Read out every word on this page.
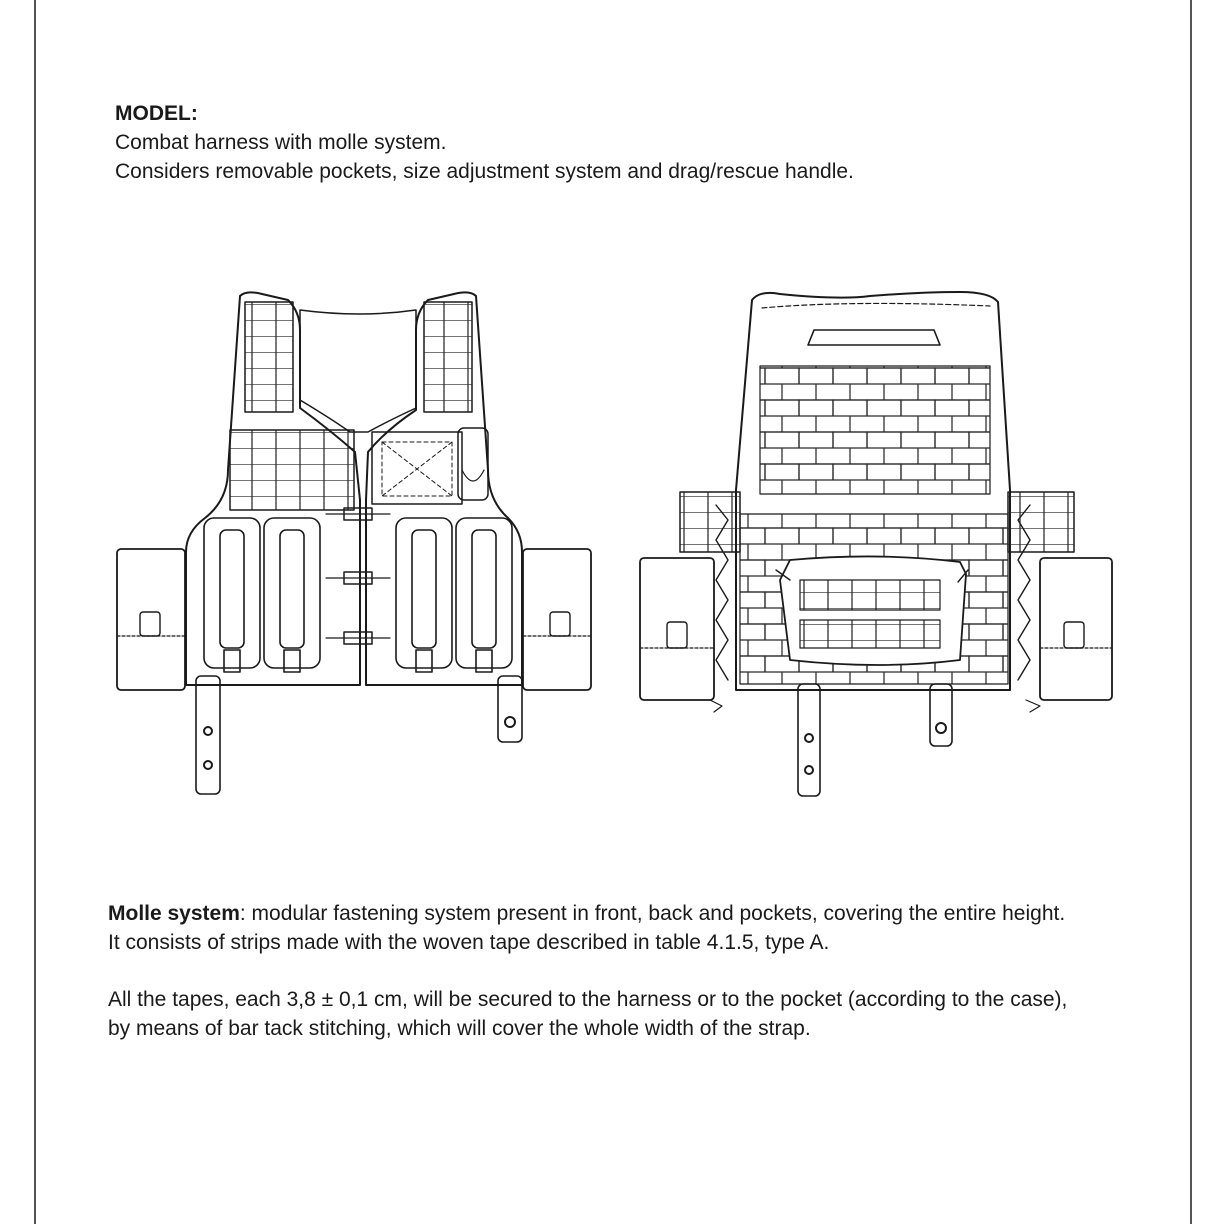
MODEL:
Combat harness with molle system.
Considers removable pockets, size adjustment system and drag/rescue handle.

Molle system: modular fastening system present in front, back and pockets, covering the entire height.
It consists of strips made with the woven tape described in table 4.1.5, type A.

All the tapes, each 3,8 ± 0,1 cm, will be secured to the harness or to the pocket (according to the case),
by means of bar tack stitching, which will cover the whole width of the strap.
